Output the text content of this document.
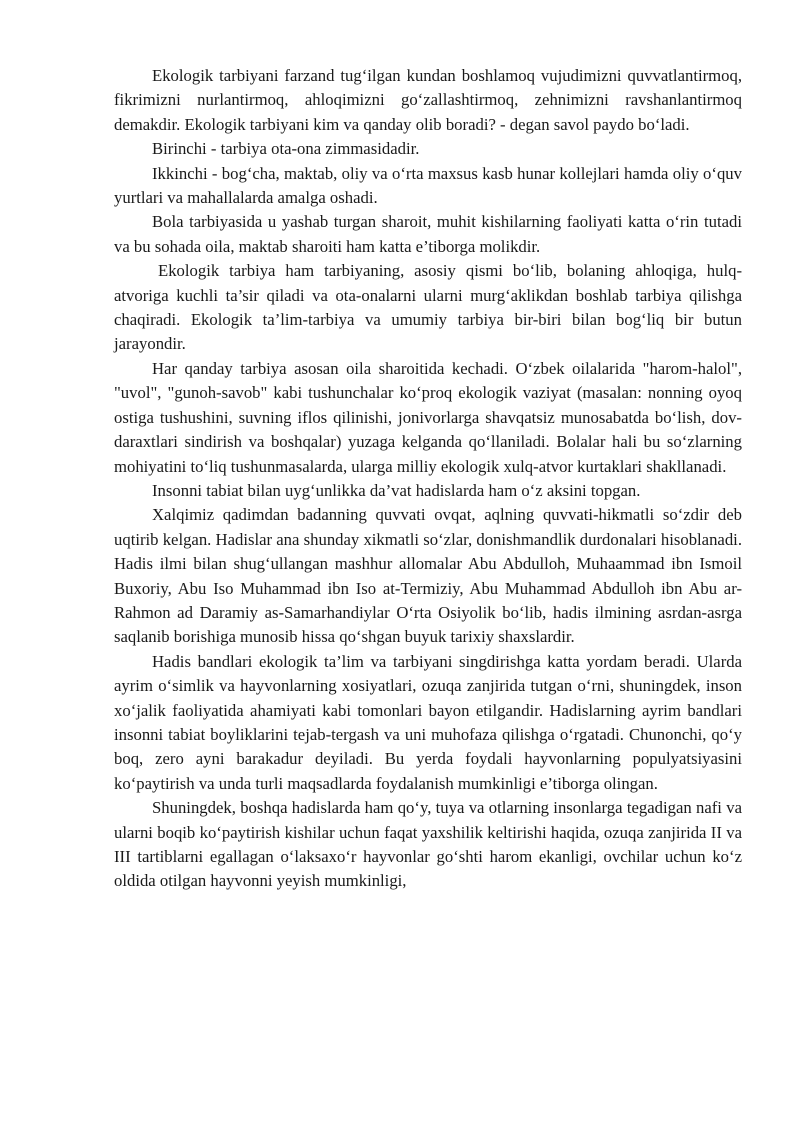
Ekologik tarbiyani farzand tug‘ilgan kundan boshlamoq vujudimizni quvvatlantirmoq, fikrimizni nurlantirmoq, ahloqimizni go‘zallashtirmoq, zehnimizni ravshanlantirmoq demakdir. Ekologik tarbiyani kim va qanday olib boradi? - degan savol paydo bo‘ladi.

Birinchi - tarbiya ota-ona zimmasidadir.

Ikkinchi - bog‘cha, maktab, oliy va o‘rta maxsus kasb hunar kollejlari hamda oliy o‘quv yurtlari va mahallalarda amalga oshadi.

Bola tarbiyasida u yashab turgan sharoit, muhit kishilarning faoliyati katta o‘rin tutadi va bu sohada oila, maktab sharoiti ham katta e’tiborga molikdir.

Ekologik tarbiya ham tarbiyaning, asosiy qismi bo‘lib, bolaning ahloqiga, hulq-atvoriga kuchli ta’sir qiladi va ota-onalarni ularni murg‘aklikdan boshlab tarbiya qilishga chaqiradi. Ekologik ta’lim-tarbiya va umumiy tarbiya bir-biri bilan bog‘liq bir butun jarayondir.

Har qanday tarbiya asosan oila sharoitida kechadi. O‘zbek oilalarida "harom-halol", "uvol", "gunoh-savob" kabi tushunchalar ko‘proq ekologik vaziyat (masalan: nonning oyoq ostiga tushushini, suvning iflos qilinishi, jonivorlarga shavqatsiz munosabatda bo‘lish, dov-daraxtlari sindirish va boshqalar) yuzaga kelganda qo‘llaniladi. Bolalar hali bu so‘zlarning mohiyatini to‘liq tushunmasalarda, ularga milliy ekologik xulq-atvor kurtaklari shakllanadi.

Insonni tabiat bilan uyg‘unlikka da’vat hadislarda ham o‘z aksini topgan.

Xalqimiz qadimdan badanning quvvati ovqat, aqlning quvvati-hikmatli so‘zdir deb uqtirib kelgan. Hadislar ana shunday xikmatli so‘zlar, donishmandlik durdonalari hisoblanadi. Hadis ilmi bilan shug‘ullangan mashhur allomalar Abu Abdulloh, Muhaammad ibn Ismoil Buxoriy, Abu Iso Muhammad ibn Iso at-Termiziy, Abu Muhammad Abdulloh ibn Abu ar-Rahmon ad Daramiy as-Samarhandiylar O‘rta Osiyolik bo‘lib, hadis ilmining asrdan-asrga saqlanib borishiga munosib hissa qo‘shgan buyuk tarixiy shaxslardir.

Hadis bandlari ekologik ta’lim va tarbiyani singdirishga katta yordam beradi. Ularda ayrim o‘simlik va hayvonlarning xosiyatlari, ozuqa zanjirida tutgan o‘rni, shuningdek, inson xo‘jalik faoliyatida ahamiyati kabi tomonlari bayon etilgandir. Hadislarning ayrim bandlari insonni tabiat boyliklarini tejab-tergash va uni muhofaza qilishga o‘rgatadi. Chunonchi, qo‘y boq, zero ayni barakadur deyiladi. Bu yerda foydali hayvonlarning populyatsiyasini ko‘paytirish va unda turli maqsadlarda foydalanish mumkinligi e’tiborga olingan.

Shuningdek, boshqa hadislarda ham qo‘y, tuya va otlarning insonlarga tegadigan nafi va ularni boqib ko‘paytirish kishilar uchun faqat yaxshilik keltirishi haqida, ozuqa zanjirida II va III tartiblarni egallagan o‘laksaxo‘r hayvonlar go‘shti harom ekanligi, ovchilar uchun ko‘z oldida otilgan hayvonni yeyish mumkinligi,
